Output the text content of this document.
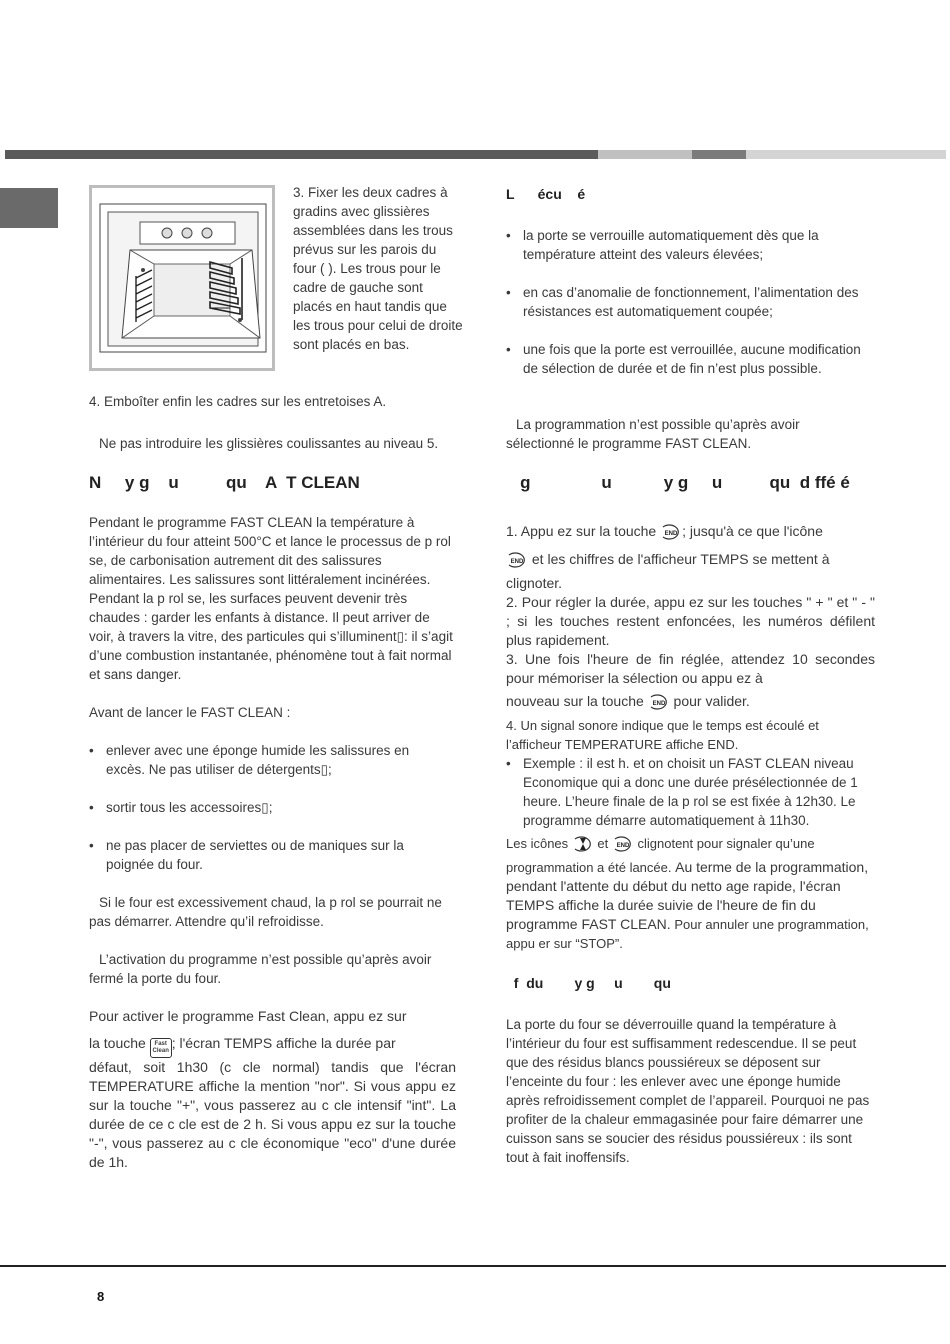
3. Fixer les deux cadres à gradins avec glissières assemblées dans les trous prévus sur les parois du four ( ). Les trous pour le cadre de gauche sont placés en haut tandis que les trous pour celui de droite sont placés en bas.

4. Emboîter enfin les cadres sur les entretoises A.

Ne pas introduire les glissières coulissantes au niveau 5.

N     y g    u          qu    A  T CLEAN

Pendant le programme FAST CLEAN la température à l’intérieur du four atteint 500°C et lance le processus de p rol se, de carbonisation autrement dit des salissures alimentaires. Les salissures sont littéralement incinérées. Pendant la p rol se, les surfaces peuvent devenir très chaudes : garder les enfants à distance. Il peut arriver de voir, à travers la vitre, des particules qui s’illuminent▯: il s’agit d’une combustion instantanée, phénomène tout à fait normal et sans danger.

Avant de lancer le FAST CLEAN :

• enlever avec une éponge humide les salissures en excès. Ne pas utiliser de détergents▯;
• sortir tous les accessoires▯;
• ne pas placer de serviettes ou de maniques sur la poignée du four.

Si le four est excessivement chaud, la p rol se pourrait ne pas démarrer. Attendre qu’il refroidisse.

L’activation du programme n’est possible qu’après avoir fermé la porte du four.

Pour activer le programme Fast Clean, appu ez sur
la touche	Fast
Clean ; l'écran TEMPS affiche la durée par
défaut, soit 1h30 (c cle normal) tandis que l'écran TEMPERATURE affiche la mention "nor". Si vous appu ez sur la touche "+", vous passerez au c cle intensif "int". La durée de ce c cle est de 2 h. Si vous appu ez sur la touche "-", vous passerez au c cle économique "eco" d'une durée de 1h.
L      écu    é
• la porte se verrouille automatiquement dès que la température atteint des valeurs élevées;
• en cas d’anomalie de fonctionnement, l’alimentation des résistances est automatiquement coupée;
• une fois que la porte est verrouillée, aucune modification de sélection de durée et de fin n’est plus possible.

La programmation n’est possible qu’après avoir sélectionné le programme FAST CLEAN.

g               u           y g     u          qu  d ffé é
1. Appu ez sur la touche END ; jusqu'à ce que l'icône
END et les chiffres de l'afficheur TEMPS se mettent à clignoter.
2. Pour régler la durée, appu ez sur les touches " + " et " - " ; si les touches restent enfoncées, les numéros défilent plus rapidement.
3. Une fois l'heure de fin réglée, attendez 10 secondes pour mémoriser la sélection ou appu ez à
nouveau sur la touche END pour valider.
4. Un signal sonore indique que le temps est écoulé et l’afficheur TEMPERATURE affiche END.
• Exemple : il est h. et on choisit un FAST CLEAN niveau Economique qui a donc une durée présélectionnée de 1 heure. L’heure finale de la p rol se est fixée à 12h30. Le programme démarre automatiquement à 11h30.
Les icônes et END clignotent pour signaler qu’une programmation a été lancée. Au terme de la programmation, pendant l'attente du début du netto age rapide, l'écran TEMPS affiche la durée suivie de l'heure de fin du programme FAST CLEAN. Pour annuler une programmation, appu er sur “STOP”.
f  du        y g     u        qu

La porte du four se déverrouille quand la température à l’intérieur du four est suffisamment redescendue. Il se peut que des résidus blancs poussiéreux se déposent sur l’enceinte du four : les enlever avec une éponge humide après refroidissement complet de l’appareil. Pourquoi ne pas profiter de la chaleur emmagasinée pour faire démarrer une cuisson sans se soucier des résidus poussiéreux : ils sont tout à fait inoffensifs.

8
